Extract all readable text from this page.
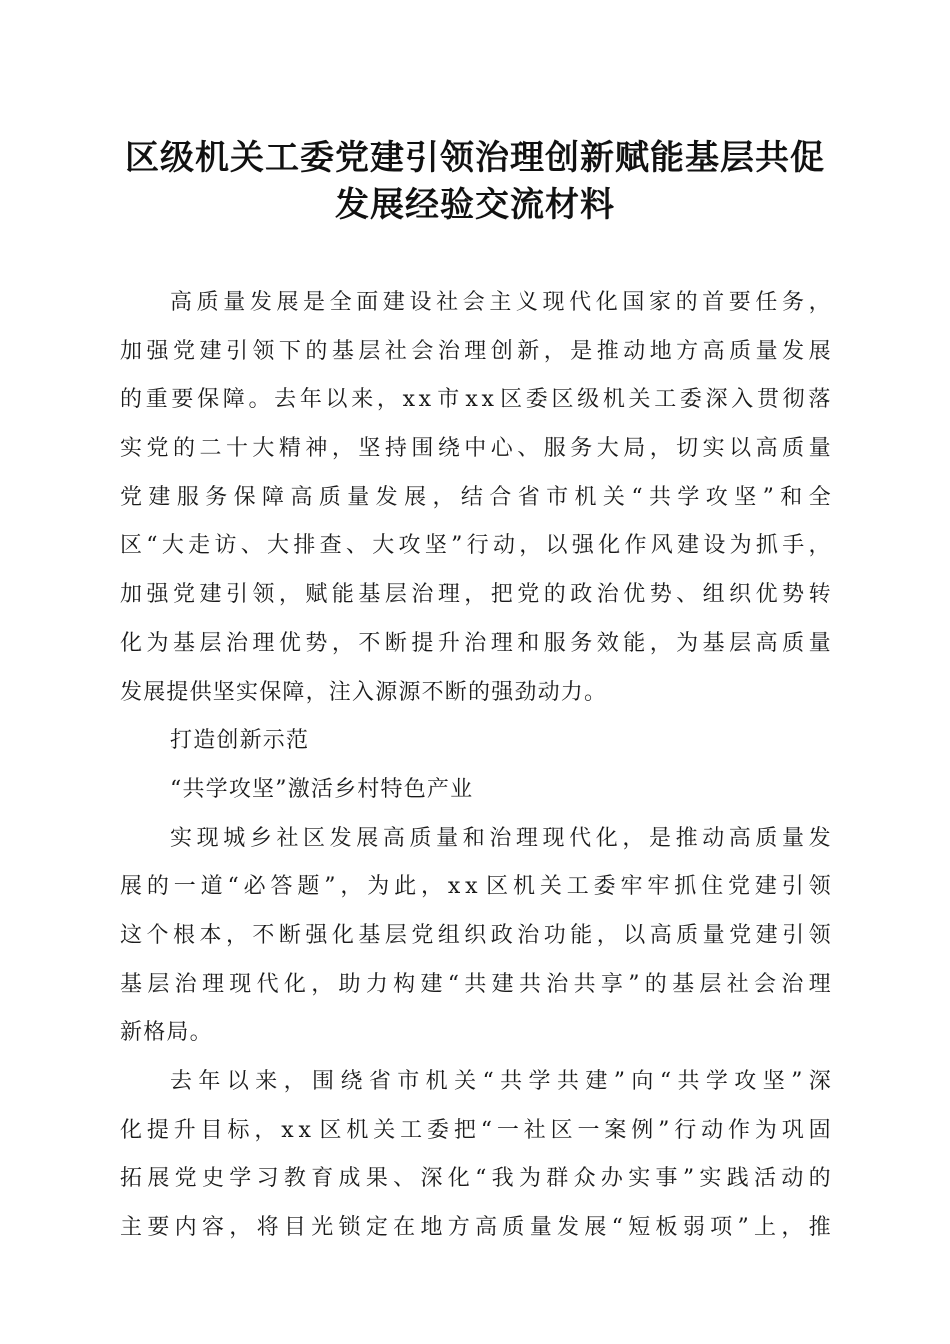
区级机关工委党建引领治理创新赋能基层共促
发展经验交流材料
高 质 量 发 展 是 全 面 建 设 社 会 主 义 现 代 化 国 家 的 首 要 任 务 ，
加 强 党 建 引 领 下 的 基 层 社 会 治 理 创 新 ， 是 推 动 地 方 高 质 量 发 展
的 重 要 保 障 。 去 年 以 来 ， x x 市 x x 区 委 区 级 机 关 工 委 深 入 贯 彻 落
实 党 的 二 十 大 精 神 ， 坚 持 围 绕 中 心 、 服 务 大 局 ， 切 实 以 高 质 量
党 建 服 务 保 障 高 质 量 发 展 ， 结 合 省 市 机 关 “ 共 学 攻 坚 ” 和 全
区 “ 大 走 访 、 大 排 查 、 大 攻 坚 ” 行 动 ， 以 强 化 作 风 建 设 为 抓 手 ，
加 强 党 建 引 领 ， 赋 能 基 层 治 理 ， 把 党 的 政 治 优 势 、 组 织 优 势 转
化 为 基 层 治 理 优 势 ， 不 断 提 升 治 理 和 服 务 效 能 ， 为 基 层 高 质 量
发展提供坚实保障，注入源源不断的强劲动力。
打造创新示范
“共学攻坚”激活乡村特色产业
实 现 城 乡 社 区 发 展 高 质 量 和 治 理 现 代 化 ， 是 推 动 高 质 量 发
展 的 一 道 “ 必 答 题 ” ， 为 此 ， x x 区 机 关 工 委 牢 牢 抓 住 党 建 引 领
这 个 根 本 ， 不 断 强 化 基 层 党 组 织 政 治 功 能 ， 以 高 质 量 党 建 引 领
基 层 治 理 现 代 化 ， 助 力 构 建 “ 共 建 共 治 共 享 ” 的 基 层 社 会 治 理
新格局。
去 年 以 来 ， 围 绕 省 市 机 关 “ 共 学 共 建 ” 向 “ 共 学 攻 坚 ” 深
化 提 升 目 标 ， x x 区 机 关 工 委 把 “ 一 社 区 一 案 例 ” 行 动 作 为 巩 固
拓 展 党 史 学 习 教 育 成 果 、 深 化 “ 我 为 群 众 办 实 事 ” 实 践 活 动 的
主 要 内 容 ， 将 目 光 锁 定 在 地 方 高 质 量 发 展 “ 短 板 弱 项 ” 上 ， 推
